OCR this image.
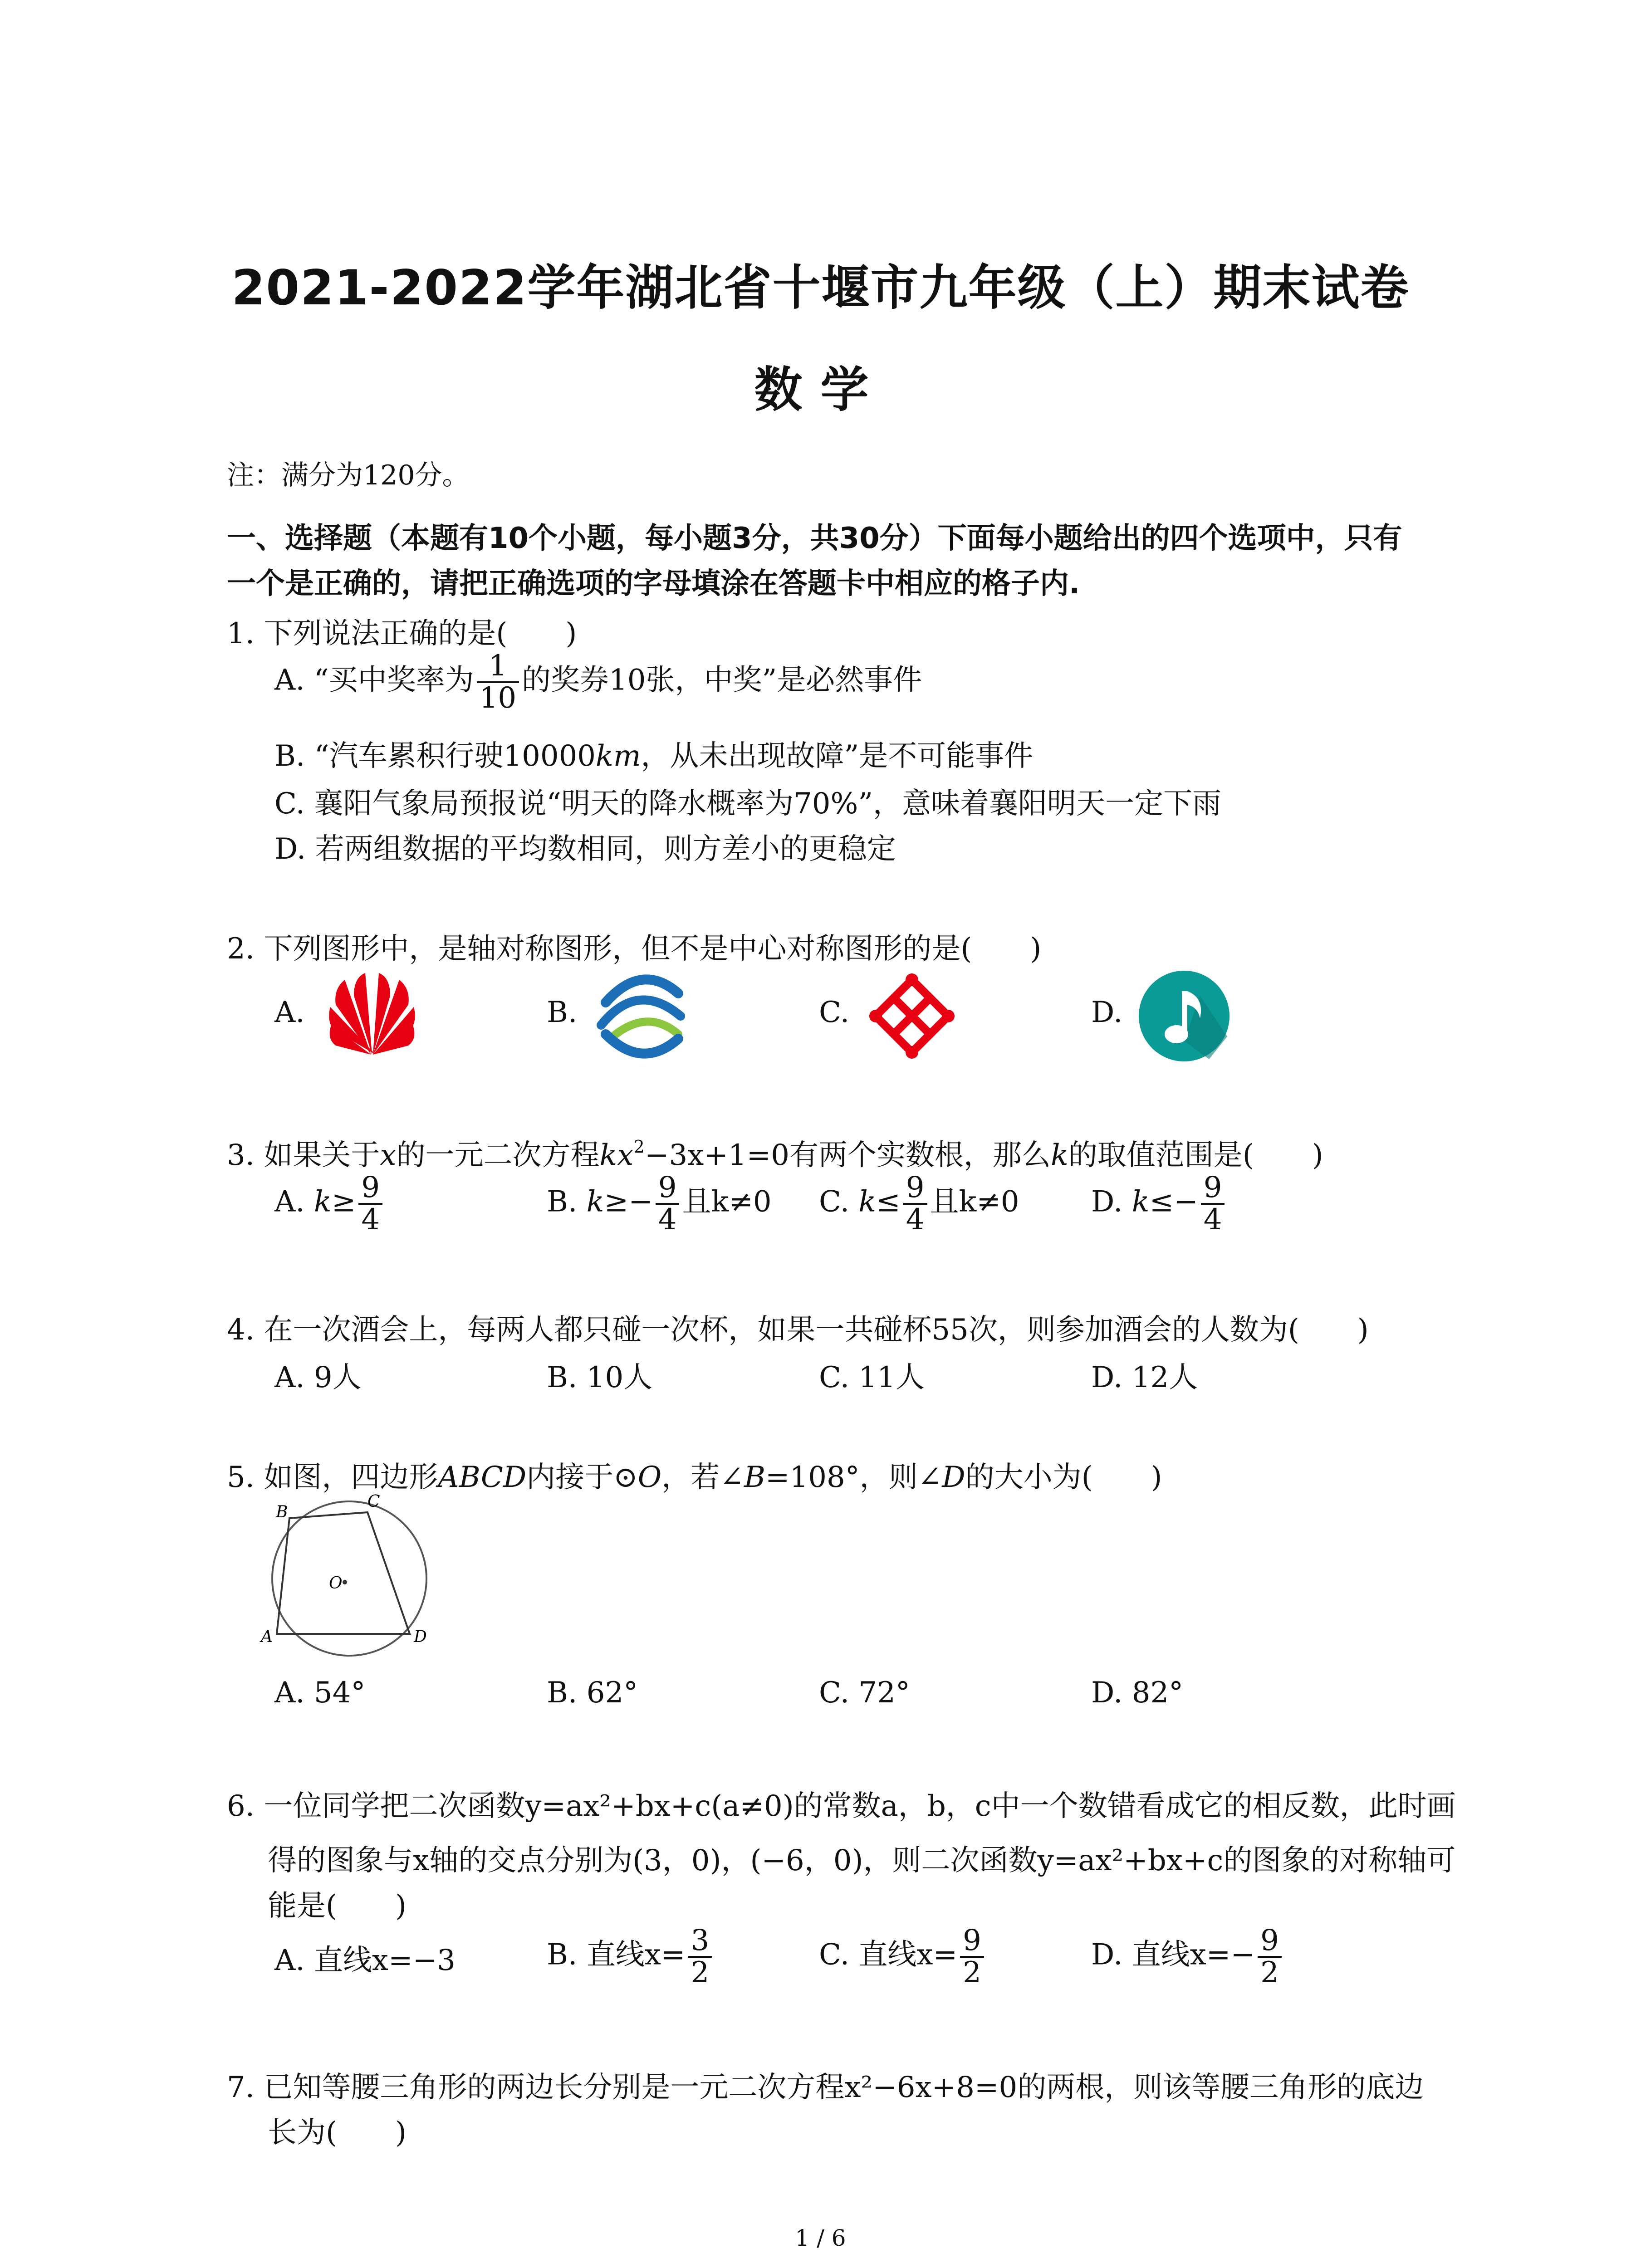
2021-2022学年湖北省十堰市九年级（上）期末试卷
数学
注：满分为120分。
一、选择题（本题有10个小题，每小题3分，共30分）下面每小题给出的四个选项中，只有
一个是正确的，请把正确选项的字母填涂在答题卡中相应的格子内.
1. 下列说法正确的是(　　)
A. “买中奖率为 $\frac{1}{10}$ 的奖券10张，中奖”是必然事件
B. “汽车累积行驶10000km，从未出现故障”是不可能事件
C. 襄阳气象局预报说“明天的降水概率为70%”，意味着襄阳明天一定下雨
D. 若两组数据的平均数相同，则方差小的更稳定
2. 下列图形中，是轴对称图形，但不是中心对称图形的是(　　)
A.	B.	C.	D.
3. 如果关于x的一元二次方程$kx^2-3x+1=0$有两个实数根，那么k的取值范围是(　　)
A. $k\ge \frac{9}{4}$	B. $k\ge- \frac{9}{4}$ 且k≠0 C. $k\le \frac{9}{4}$ 且k≠0 D. $k\le- \frac{9}{4}$
4. 在一次酒会上，每两人都只碰一次杯，如果一共碰杯55次，则参加酒会的人数为(　　)
A. 9人	B. 10人	C. 11人	D. 12人
5. 如图，四边形ABCD内接于⊙O，若∠B=108°，则∠D的大小为(　　)
B
C
A	D
O
A. 54°	B. 62°	C. 72°	D. 82°
6. 一位同学把二次函数y=ax²+bx+c(a≠0)的常数a，b，c中一个数错看成它的相反数，此时画
得的图象与x轴的交点分别为(3，0)，(−6，0)，则二次函数y=ax²+bx+c的图象的对称轴可
能是(　　)
A. 直线x=−3	B. 直线$x= \frac{3}{2}$	C. 直线$x= \frac{9}{2}$	D. 直线$x=- \frac{9}{2}$
7. 已知等腰三角形的两边长分别是一元二次方程x²−6x+8=0的两根，则该等腰三角形的底边
长为(　　)
1 / 6
